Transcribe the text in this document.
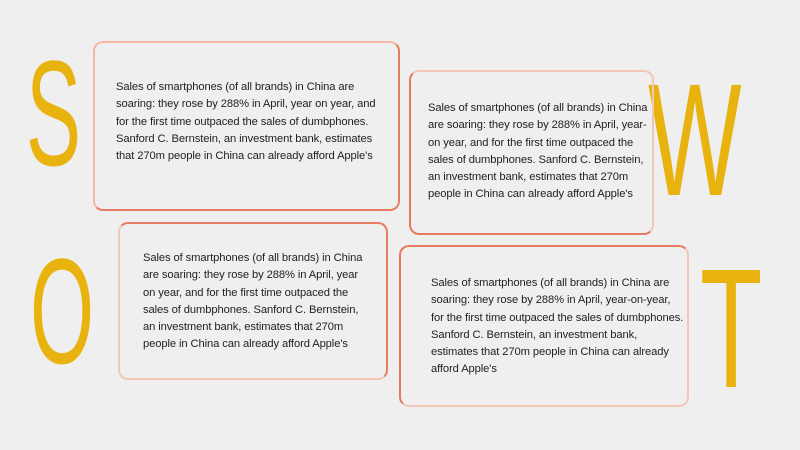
S
O
W
T
Sales of smartphones (of all brands) in China are soaring: they rose by 288% in April, year on year, and for the first time outpaced the sales of dumbphones. Sanford C. Bernstein, an investment bank, estimates that 270m people in China can already afford Apple's
Sales of smartphones (of all brands) in China are soaring: they rose by 288% in April, year-on year, and for the first time outpaced the sales of dumbphones. Sanford C. Bernstein, an investment bank, estimates that 270m people in China can already afford Apple's
Sales of smartphones (of all brands) in China are soaring: they rose by 288% in April, year on year, and for the first time outpaced the sales of dumbphones. Sanford C. Bernstein, an investment bank, estimates that 270m people in China can already afford Apple's
Sales of smartphones (of all brands) in China are soaring: they rose by 288% in April, year-on-year, for the first time outpaced the sales of dumbphones. Sanford C. Bernstein, an investment bank, estimates that 270m people in China can already afford Apple's
